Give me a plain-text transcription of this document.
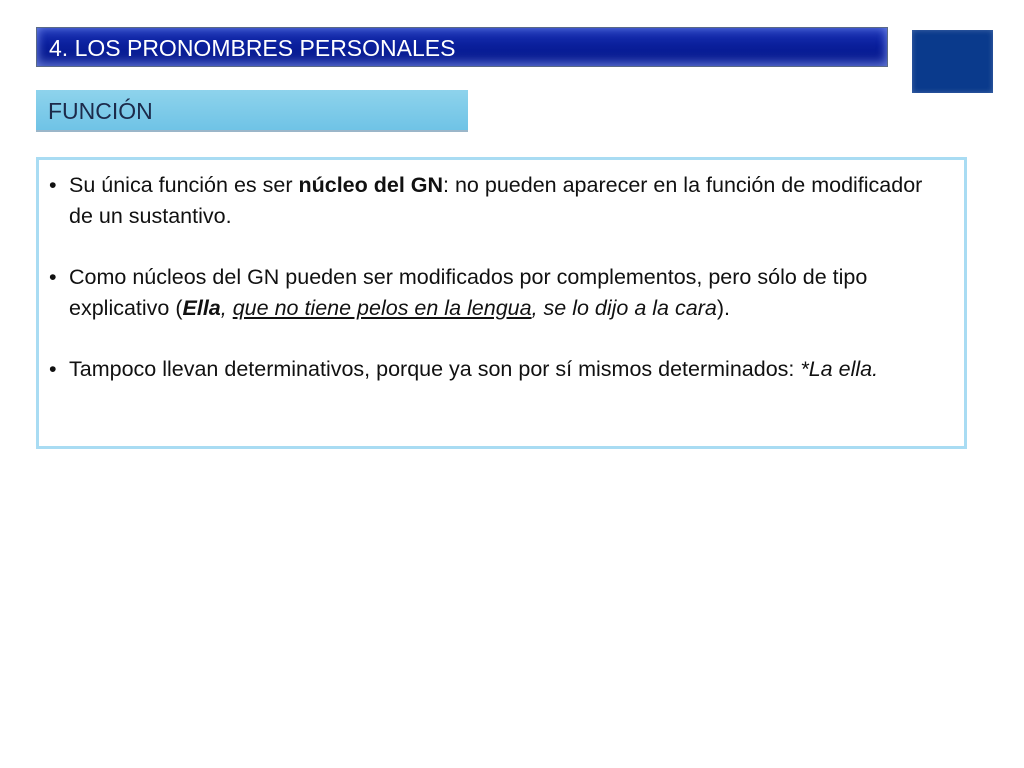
4. LOS PRONOMBRES PERSONALES
FUNCIÓN
• Su única función es ser núcleo del GN: no pueden aparecer en la función de modificador de un sustantivo.
• Como núcleos del GN pueden ser modificados por complementos, pero sólo de tipo explicativo (Ella, que no tiene pelos en la lengua, se lo dijo a la cara).
• Tampoco llevan determinativos, porque ya son por sí mismos determinados: *La ella.
